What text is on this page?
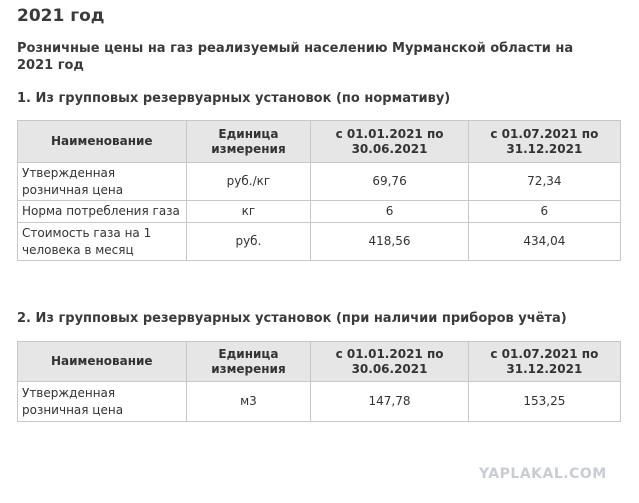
2021 год
Розничные цены на газ реализуемый населению Мурманской области на 2021 год
1. Из групповых резервуарных установок (по нормативу)
Наименование	Единица измерения	с 01.01.2021 по 30.06.2021	с 01.07.2021 по 31.12.2021
Утвержденная розничная цена	руб./кг	69,76	72,34
Норма потребления газа	кг	6	6
Стоимость газа на 1 человека в месяц	руб.	418,56	434,04
2. Из групповых резервуарных установок (при наличии приборов учёта)
Наименование	Единица измерения	с 01.01.2021 по 30.06.2021	с 01.07.2021 по 31.12.2021
Утвержденная розничная цена	м3	147,78	153,25
YAPLAKAL.COM
